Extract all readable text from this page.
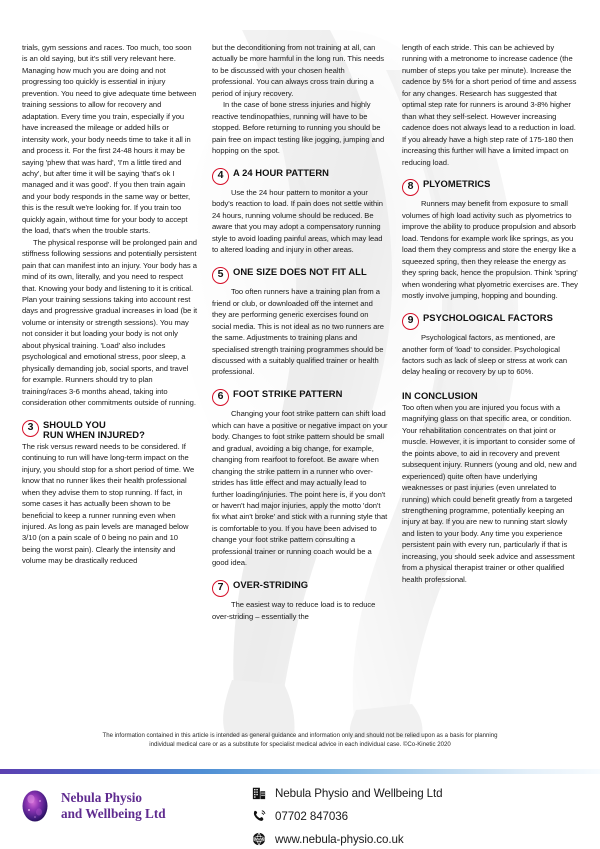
trials, gym sessions and races. Too much, too soon is an old saying, but it's still very relevant here. Managing how much you are doing and not progressing too quickly is essential in injury prevention. You need to give adequate time between training sessions to allow for recovery and adaptation. Every time you train, especially if you have increased the mileage or added hills or intensity work, your body needs time to take it all in and process it. For the first 24-48 hours it may be saying 'phew that was hard', 'I'm a little tired and achy', but after time it will be saying 'that's ok I managed and it was good'. If you then train again and your body responds in the same way or better, this is the result we're looking for. If you train too quickly again, without time for your body to accept the load, that's when the trouble starts.

The physical response will be prolonged pain and stiffness following sessions and potentially persistent pain that can manifest into an injury. Your body has a mind of its own, literally, and you need to respect that. Knowing your body and listening to it is critical. Plan your training sessions taking into account rest days and progressive gradual increases in load (be it volume or intensity or strength sessions). You may not consider it but loading your body is not only about physical training. 'Load' also includes psychological and emotional stress, poor sleep, a physically demanding job, social sports, and travel for example. Runners should try to plan training/races 3-6 months ahead, taking into consideration other commitments outside of running.

3	SHOULD YOU
RUN WHEN INJURED?

The risk versus reward needs to be considered. If continuing to run will have long-term impact on the injury, you should stop for a short period of time. We know that no runner likes their health professional when they advise them to stop running. If fact, in some cases it has actually been shown to be beneficial to keep a runner running even when injured. As long as pain levels are managed below 3/10 (on a pain scale of 0 being no pain and 10 being the worst pain). Clearly the intensity and volume may be drastically reduced

but the deconditioning from not training at all, can actually be more harmful in the long run. This needs to be discussed with your chosen health professional. You can always cross train during a period of injury recovery.

In the case of bone stress injuries and highly reactive tendinopathies, running will have to be stopped. Before returning to running you should be pain free on impact testing like jogging, jumping and hopping on the spot.

4	A 24 HOUR PATTERN

Use the 24 hour pattern to monitor a your body's reaction to load. If pain does not settle within 24 hours, running volume should be reduced. Be aware that you may adopt a compensatory running style to avoid loading painful areas, which may lead to altered loading and injury in other areas.

5	ONE SIZE DOES NOT FIT ALL

Too often runners have a training plan from a friend or club, or downloaded off the internet and they are performing generic exercises found on social media. This is not ideal as no two runners are the same. Adjustments to training plans and specialised strength training programmes should be discussed with a suitably qualified trainer or health professional.

6	FOOT STRIKE PATTERN

Changing your foot strike pattern can shift load which can have a positive or negative impact on your body. Changes to foot strike pattern should be small and gradual, avoiding a big change, for example, changing from rearfoot to forefoot. Be aware when changing the strike pattern in a runner who over-strides has little effect and may actually lead to further loading/injuries. The point here is, if you don't or haven't had major injuries, apply the motto 'don't fix what ain't broke' and stick with a running style that is comfortable to you. If you have been advised to change your foot strike pattern consulting a professional trainer or running coach would be a good idea.

7	OVER-STRIDING

The easiest way to reduce load is to reduce over-striding – essentially the

length of each stride. This can be achieved by running with a metronome to increase cadence (the number of steps you take per minute). Increase the cadence by 5% for a short period of time and assess for any changes. Research has suggested that optimal step rate for runners is around 3-8% higher than what they self-select. However increasing cadence does not always lead to a reduction in load. If you already have a high step rate of 175-180 then increasing this further will have a limited impact on reducing load.

8	PLYOMETRICS

Runners may benefit from exposure to small volumes of high load activity such as plyometrics to improve the ability to produce propulsion and absorb load. Tendons for example work like springs, as you load them they compress and store the energy like a squeezed spring, then they release the energy as they spring back, hence the propulsion. Think 'spring' when wondering what plyometric exercises are. They mostly involve jumping, hopping and bounding.

9	PSYCHOLOGICAL FACTORS

Psychological factors, as mentioned, are another form of 'load' to consider. Psychological factors such as lack of sleep or stress at work can delay healing or recovery by up to 60%.

IN CONCLUSION

Too often when you are injured you focus with a magnifying glass on that specific area, or condition. Your rehabilitation concentrates on that joint or muscle. However, it is important to consider some of the points above, to aid in recovery and prevent subsequent injury. Runners (young and old, new and experienced) quite often have underlying weaknesses or past injuries (even unrelated to running) which could benefit greatly from a targeted strengthening programme, potentially keeping an injury at bay. If you are new to running start slowly and listen to your body. Any time you experience persistent pain with every run, particularly if that is increasing, you should seek advice and assessment from a physical therapist trainer or other qualified health professional.

The information contained in this article is intended as general guidance and information only and should not be relied upon as a basis for planning
individual medical care or as a substitute for specialist medical advice in each individual case. ©Co-Kinetic 2020
Nebula Physio
and Wellbeing Ltd
Nebula Physio and Wellbeing Ltd
07702 847036
WWW www.nebula-physio.co.uk
